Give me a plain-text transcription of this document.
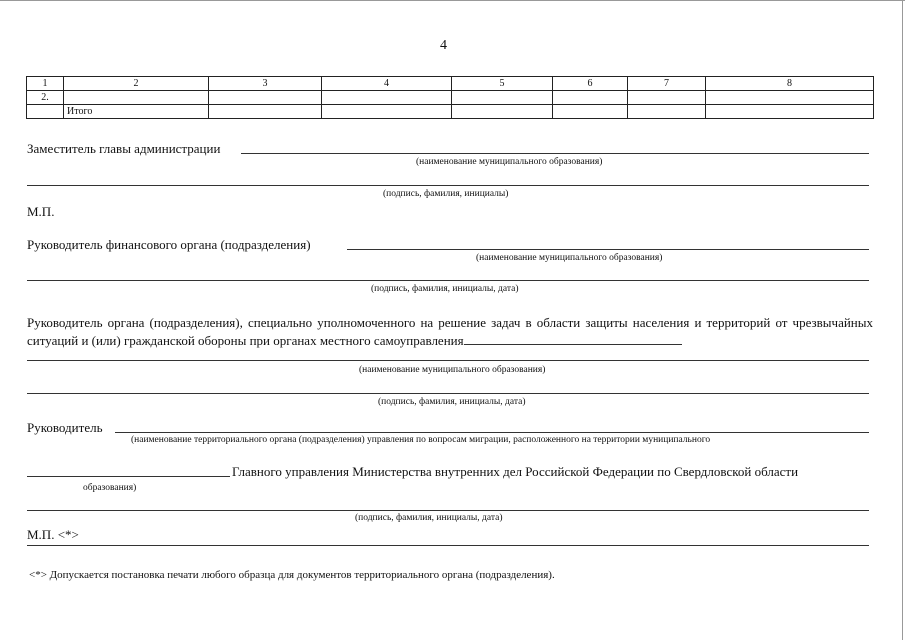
4
1	2	3	4	5	6	7	8
2.							
	Итого						
Заместитель главы администрации
(наименование муниципального образования)
(подпись, фамилия, инициалы)
М.П.
Руководитель финансового органа (подразделения)
(наименование муниципального образования)
(подпись, фамилия, инициалы, дата)
Руководитель органа (подразделения), специально уполномоченного на решение задач в области защиты населения и территорий от чрезвычайных ситуаций и (или) гражданской обороны при органах местного самоуправления
(наименование муниципального образования)
(подпись, фамилия, инициалы, дата)
Руководитель
(наименование территориального органа (подразделения) управления по вопросам миграции, расположенного на территории муниципального
Главного управления Министерства внутренних дел Российской Федерации по Свердловской области
образования)
(подпись, фамилия, инициалы, дата)
М.П. <*>
<*> Допускается постановка печати любого образца для документов территориального органа (подразделения).
